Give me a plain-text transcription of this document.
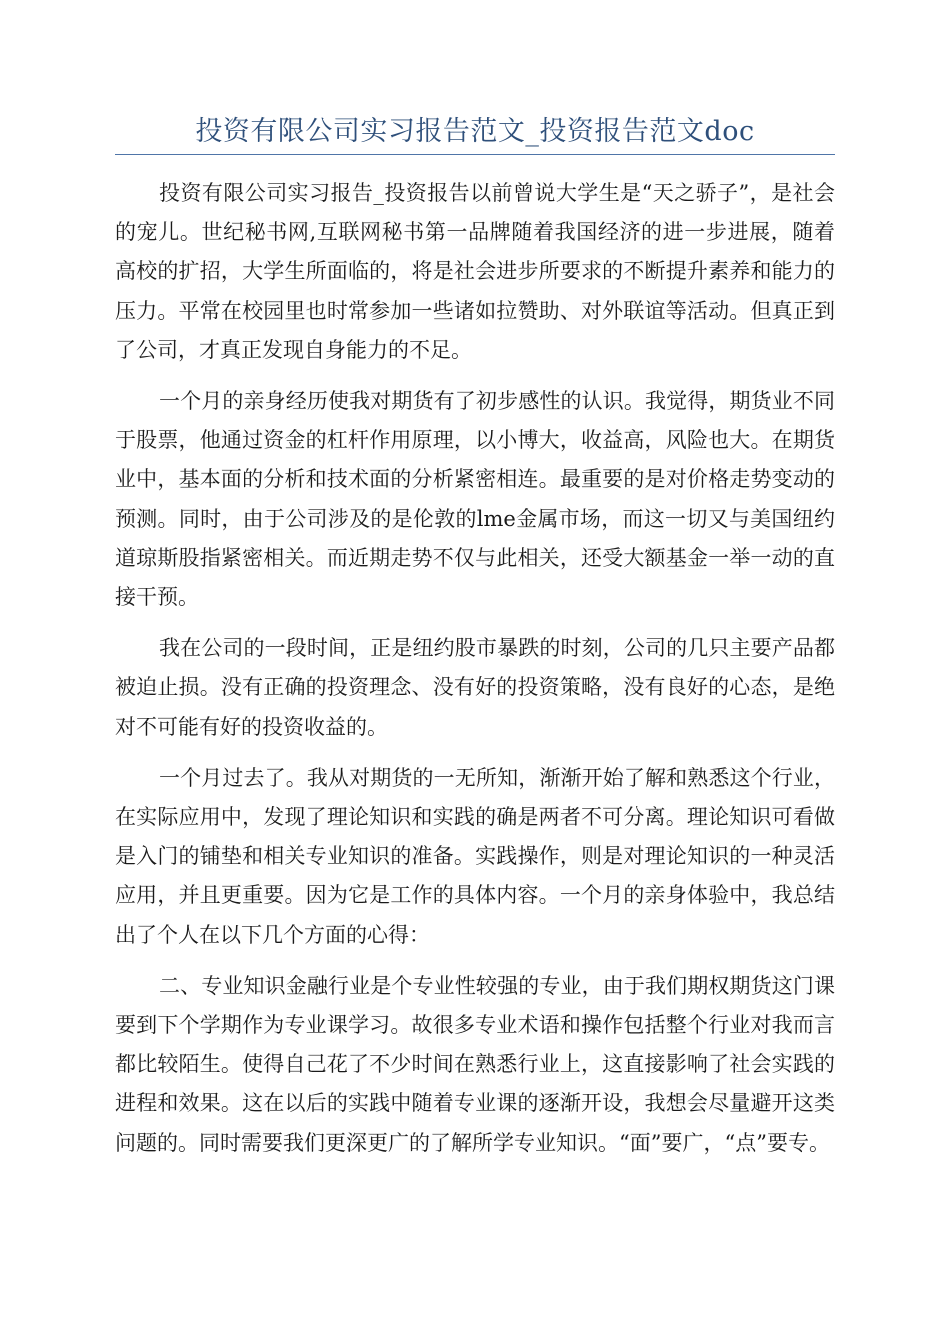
投资有限公司实习报告范文_投资报告范文doc

投资有限公司实习报告_投资报告以前曾说大学生是“天之骄子”，是社会的宠儿。世纪秘书网,互联网秘书第一品牌随着我国经济的进一步进展，随着高校的扩招，大学生所面临的，将是社会进步所要求的不断提升素养和能力的压力。平常在校园里也时常参加一些诸如拉赞助、对外联谊等活动。但真正到了公司，才真正发现自身能力的不足。

一个月的亲身经历使我对期货有了初步感性的认识。我觉得，期货业不同于股票，他通过资金的杠杆作用原理，以小博大，收益高，风险也大。在期货业中，基本面的分析和技术面的分析紧密相连。最重要的是对价格走势变动的预测。同时，由于公司涉及的是伦敦的lme金属市场，而这一切又与美国纽约道琼斯股指紧密相关。而近期走势不仅与此相关，还受大额基金一举一动的直接干预。

我在公司的一段时间，正是纽约股市暴跌的时刻，公司的几只主要产品都被迫止损。没有正确的投资理念、没有好的投资策略，没有良好的心态，是绝对不可能有好的投资收益的。

一个月过去了。我从对期货的一无所知，渐渐开始了解和熟悉这个行业，在实际应用中，发现了理论知识和实践的确是两者不可分离。理论知识可看做是入门的铺垫和相关专业知识的准备。实践操作，则是对理论知识的一种灵活应用，并且更重要。因为它是工作的具体内容。一个月的亲身体验中，我总结出了个人在以下几个方面的心得：

二、专业知识金融行业是个专业性较强的专业，由于我们期权期货这门课要到下个学期作为专业课学习。故很多专业术语和操作包括整个行业对我而言都比较陌生。使得自己花了不少时间在熟悉行业上，这直接影响了社会实践的进程和效果。这在以后的实践中随着专业课的逐渐开设，我想会尽量避开这类问题的。同时需要我们更深更广的了解所学专业知识。“面”要广，“点”要专。
